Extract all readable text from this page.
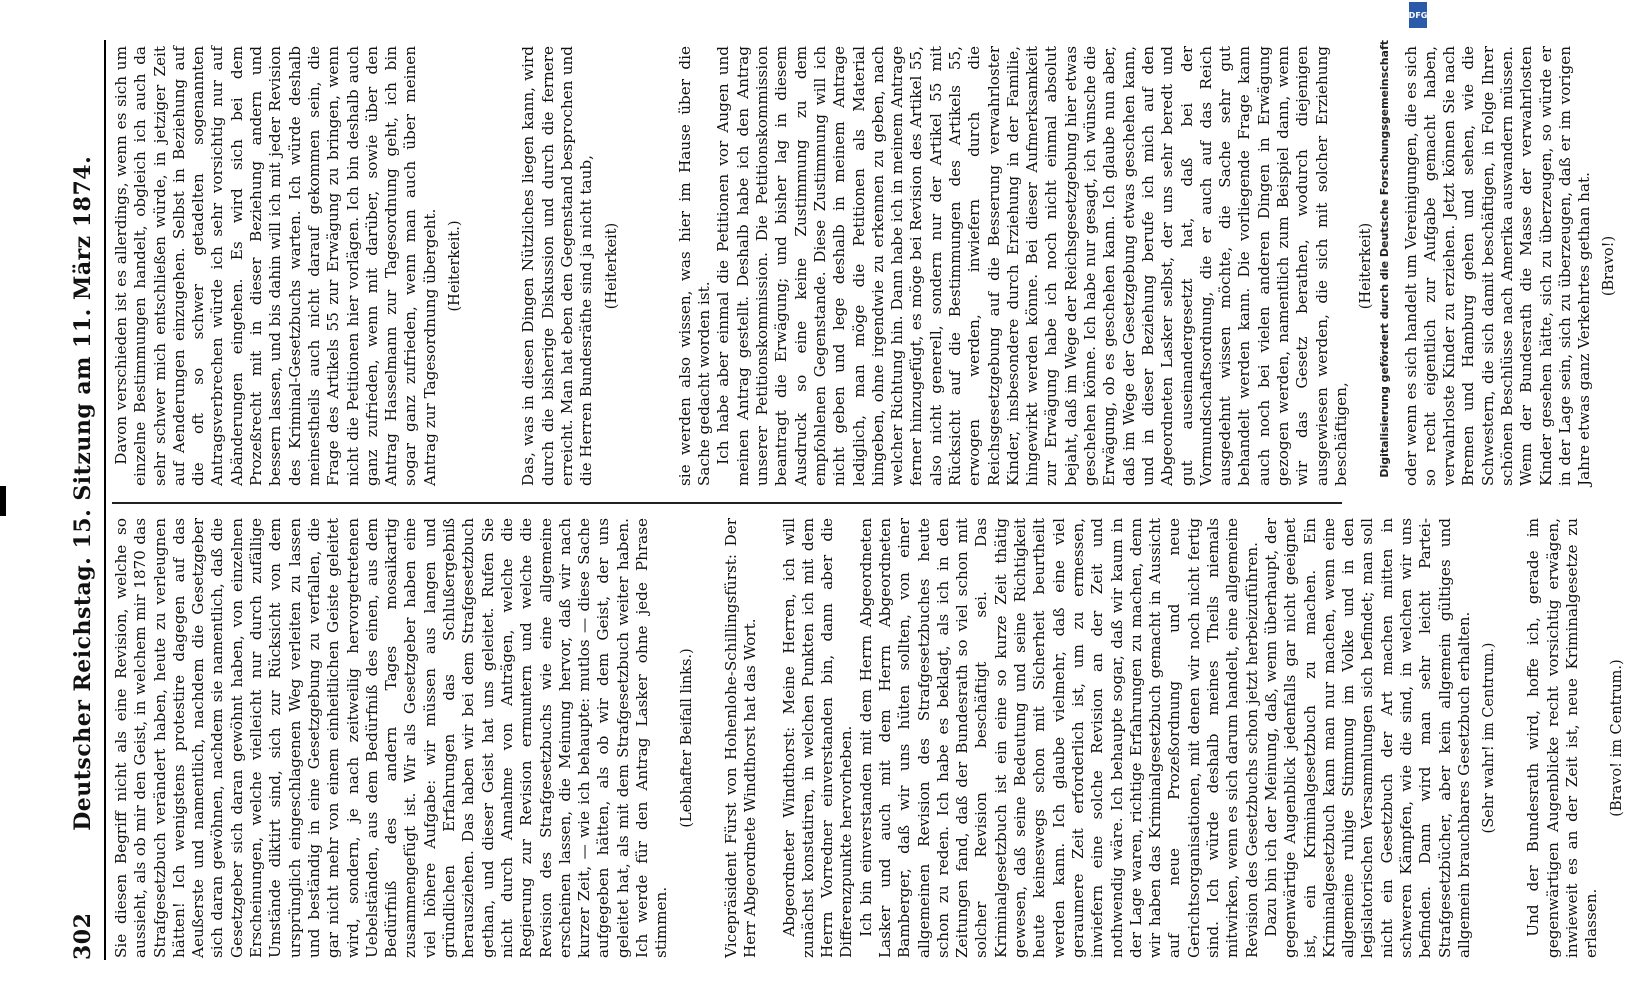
302
Deutscher Reichstag. 15. Sitzung am 11. März 1874. Sie diesen Begriff nicht als eine Revision, welche so aussieht, als ob mir den Geist, in welchem mir 1870 das Strafgesetzbuch verändert haben, heute zu verleugnen hätten! Ich wenigstens protestire dagegen auf das Aeußerste und namentlich, nachdem die Gesetzgeber sich daran gewöhnen, nachdem sie namentlich, daß die Gesetzgeber sich daran gewöhnt haben, von einzelnen Erscheinungen, welche vielleicht nur durch zufällige Umstände diktirt sind, sich zur Rücksicht von dem ursprünglich eingeschlagenen Weg verleiten zu lassen und beständig in eine Gesetzgebung zu verfallen, die gar nicht mehr von einem einheitlichen Geiste geleitet wird, sondern, je nach zeitweilig hervorgetretenen Uebelständen, aus dem Bedürfniß des einen, aus dem Bedürfniß des andern Tages mosaikartig zusammengefügt ist. Wir als Gesetzgeber haben eine viel höhere Aufgabe: wir müssen aus langen und gründlichen Erfahrungen das Schlußergebniß herausziehen. Das haben wir bei dem Strafgesetzbuch gethan, und dieser Geist hat uns geleitet. Rufen Sie nicht durch Annahme von Anträgen, welche die Regierung zur Revision ermuntern und welche die Revision des Strafgesetzbuchs wie eine allgemeine erscheinen lassen, die Meinung hervor, daß wir nach kurzer Zeit, — wie ich behaupte: mutlos — diese Sache aufgegeben hätten, als ob wir dem Geist, der uns geleitet hat, als mit dem Strafgesetzbuch weiter haben. Ich werde für den Antrag Lasker ohne jede Phrase stimmen.

(Lebhafter Beifall links.) Vicepräsident Fürst von Hohenlohe-Schillingsfürst: Der Herr Abgeordnete Windthorst hat das Wort. Abgeordneter Windthorst: Meine Herren, ich will zunächst konstatiren, in welchen Punkten ich mit dem Herrn Vorredner einverstanden bin, dann aber die Differenzpunkte hervorheben. Ich bin einverstanden mit dem Herrn Abgeordneten Lasker und auch mit dem Herrn Abgeordneten Bamberger, daß wir uns hüten sollten, von einer allgemeinen Revision des Strafgesetzbuches heute schon zu reden. Ich habe es beklagt, als ich in den Zeitungen fand, daß der Bundesrath so viel schon mit solcher Revision beschäftigt sei. Das Kriminalgesetzbuch ist ein eine so kurze Zeit thätig gewesen, daß seine Bedeutung und seine Richtigkeit heute keineswegs schon mit Sicherheit beurtheilt werden kann. Ich glaube vielmehr, daß eine viel geraumere Zeit erforderlich ist, um zu ermessen, inwiefern eine solche Revision an der Zeit und nothwendig wäre. Ich behaupte sogar, daß wir kaum in der Lage waren, richtige Erfahrungen zu machen, denn wir haben das Kriminalgesetzbuch gemacht in Aussicht auf neue Prozeßordnung und neue Gerichtsorganisationen, mit denen wir noch nicht fertig sind. Ich würde deshalb meines Theils niemals mitwirken, wenn es sich darum handelt, eine allgemeine Revision des Gesetzbuchs schon jetzt herbeizuführen. Dazu bin ich der Meinung, daß, wenn überhaupt, der gegenwärtige Augenblick jedenfalls gar nicht geeignet ist, ein Kriminalgesetzbuch zu machen. Ein Kriminalgesetzbuch kann man nur machen, wenn eine allgemeine ruhige Stimmung im Volke und in den legislatorischen Versammlungen sich befindet; man soll nicht ein Gesetzbuch der Art machen mitten in schweren Kämpfen, wie die sind, in welchen wir uns befinden. Dann wird man sehr leicht Partei-Strafgesetzbücher, aber kein allgemein gültiges und allgemein brauchbares Gesetzbuch erhalten. (Sehr wahr! im Centrum.) Und der Bundesrath wird, hoffe ich, gerade im gegenwärtigen Augenblicke recht vorsichtig erwägen, inwieweit es an der Zeit ist, neue Kriminalgesetze zu erlassen.

(Bravo! im Centrum.)

Davon verschieden ist es allerdings, wenn es sich um einzelne Bestimmungen handelt, obgleich ich auch da sehr schwer mich entschließen würde, in jetziger Zeit auf Aenderungen einzugehen. Selbst in Beziehung auf die oft so schwer getadelten sogenannten Antragsverbrechen würde ich sehr vorsichtig nur auf Abänderungen eingehen. Es wird sich bei dem Prozeßrecht mit in dieser Beziehung andern und bessern lassen, und bis dahin will ich mit jeder Revision des Kriminal-Gesetzbuchs warten. Ich würde deshalb meinestheils auch nicht darauf gekommen sein, die Frage des Artikels 55 zur Erwägung zu bringen, wenn nicht die Petitionen hier vorlägen. Ich bin deshalb auch ganz zufrieden, wenn mit darüber, sowie über den Antrag Hasselmann zur Tagesordnung geht, ich bin sogar ganz zufrieden, wenn man auch über meinen Antrag zur Tagesordnung übergeht. (Heiterkeit.)	Das, was in diesen Dingen Nützliches liegen kann, wird durch die bisherige Diskussion und durch die fernere erreicht. Man hat eben den Gegenstand besprochen und die Herren Bundesräthe sind ja nicht taub, (Heiterkeit)	sie werden also wissen, was hier im Hause über die Sache gedacht worden ist. Ich habe aber einmal die Petitionen vor Augen und meinen Antrag gestellt. Deshalb habe ich den Antrag unserer Petitionskommission. Die Petitionskommission beantragt die Erwägung; und bisher lag in diesem Ausdruck so eine keine Zustimmung zu dem empfohlenen Gegenstande. Diese Zustimmung will ich nicht geben und lege deshalb in meinem Antrage lediglich, man möge die Petitionen als Material hingeben, ohne irgendwie zu erkennen zu geben, nach welcher Richtung hin. Dann habe ich in meinem Antrage ferner hinzugefügt, es möge bei Revision des Artikel 55, also nicht generell, sondern nur der Artikel 55 mit Rücksicht auf die Bestimmungen des Artikels 55, erwogen werden, inwiefern durch die Reichsgesetzgebung auf die Besserung verwahrloster Kinder, insbesondere durch Erziehung in der Familie, hingewirkt werden könne. Bei dieser Aufmerksamkeit zur Erwägung habe ich noch nicht einmal absolut bejaht, daß im Wege der Reichsgesetzgebung hier etwas geschehen könne. Ich habe nur gesagt, ich wünsche die Erwägung, ob es geschehen kann. Ich glaube nun aber, daß im Wege der Gesetzgebung etwas geschehen kann, und in dieser Beziehung berufe ich mich auf den Abgeordneten Lasker selbst, der uns sehr beredt und gut auseinandergesetzt hat, daß bei der Vormundschaftsordnung, die er auch auf das Reich ausgedehnt wissen möchte, die Sache sehr gut behandelt werden kann. Die vorliegende Frage kann auch noch bei vielen anderen Dingen in Erwägung gezogen werden, namentlich zum Beispiel dann, wenn wir das Gesetz berathen, wodurch diejenigen ausgewiesen werden, die sich mit solcher Erziehung beschäftigen,

(Heiterkeit) oder wenn es sich handelt um Vereinigungen, die es sich so recht eigentlich zur Aufgabe gemacht haben, verwahrloste Kinder zu erziehen. Jetzt können Sie nach Bremen und Hamburg gehen und sehen, wie die Schwestern, die sich damit beschäftigen, in Folge Ihrer schönen Beschlüsse nach Amerika auswandern müssen. Wenn der Bundesrath die Masse der verwahrlosten Kinder gesehen hätte, sich zu überzeugen, so würde er in der Lage sein, sich zu überzeugen, daß er im vorigen Jahre etwas ganz Verkehrtes gethan hat. (Bravo!)
Digitalisierung gefördert durch die Deutsche Forschungsgemeinschaft
DFG
